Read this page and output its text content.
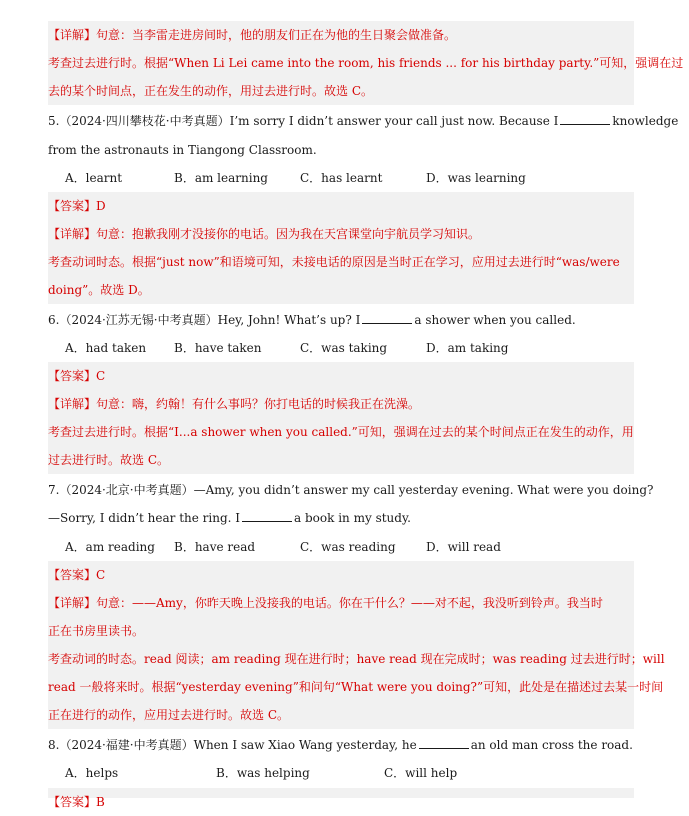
【详解】句意：当李雷走进房间时，他的朋友们正在为他的生日聚会做准备。
考查过去进行时。根据“When Li Lei came into the room, his friends ... for his birthday party.”可知，强调在过
去的某个时间点，正在发生的动作，用过去进行时。故选 C。
5.（2024·四川攀枝花·中考真题）I’m sorry I didn’t answer your call just now. Because I	knowledge
from the astronauts in Tiangong Classroom.
A．learnt	B．am learning	C．has learnt	D．was learning
【答案】D
【详解】句意：抱歉我刚才没接你的电话。因为我在天宫课堂向宇航员学习知识。
考查动词时态。根据“just now”和语境可知，未接电话的原因是当时正在学习，应用过去进行时“was/were
doing”。故选 D。
6.（2024·江苏无锡·中考真题）Hey, John! What’s up? I	a shower when you called.
A．had taken B．have taken	C．was taking	D．am taking
【答案】C
【详解】句意：嗨，约翰！有什么事吗？你打电话的时候我正在洗澡。
考查过去进行时。根据“I...a shower when you called.”可知，强调在过去的某个时间点正在发生的动作，用
过去进行时。故选 C。
7.（2024·北京·中考真题）—Amy, you didn’t answer my call yesterday evening. What were you doing?
—Sorry, I didn’t hear the ring. I	a book in my study.
A．am reading B．have read	C．was reading	D．will read
【答案】C
【详解】句意：——Amy，你昨天晚上没接我的电话。你在干什么？——对不起，我没听到铃声。我当时
正在书房里读书。
考查动词的时态。read 阅读；am reading 现在进行时；have read 现在完成时；was reading 过去进行时；will
read 一般将来时。根据“yesterday evening”和问句“What were you doing?”可知，此处是在描述过去某一时间
正在进行的动作，应用过去进行时。故选 C。
8.（2024·福建·中考真题）When I saw Xiao Wang yesterday, he	an old man cross the road.
A．helps	B．was helping	C．will help
【答案】B
